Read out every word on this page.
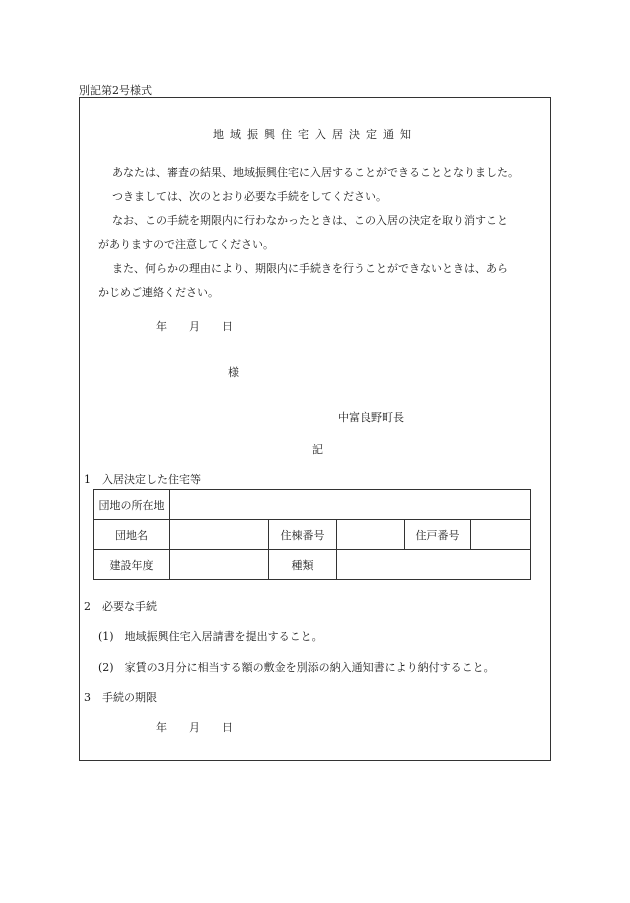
別記第2号様式
地域振興住宅入居決定通知
あなたは、審査の結果、地域振興住宅に入居することができることとなりました。
つきましては、次のとおり必要な手続をしてください。
なお、この手続を期限内に行わなかったときは、この入居の決定を取り消すこと
がありますので注意してください。
また、何らかの理由により、期限内に手続きを行うことができないときは、あら
かじめご連絡ください。
年 月 日
様
中富良野町長
記
1　入居決定した住宅等
団地の所在地					
団地名		住棟番号		住戸番号	
建設年度		種類			
2　必要な手続
(1)　地域振興住宅入居請書を提出すること。
(2)　家賃の3月分に相当する額の敷金を別添の納入通知書により納付すること。
3　手続の期限
年 月 日
